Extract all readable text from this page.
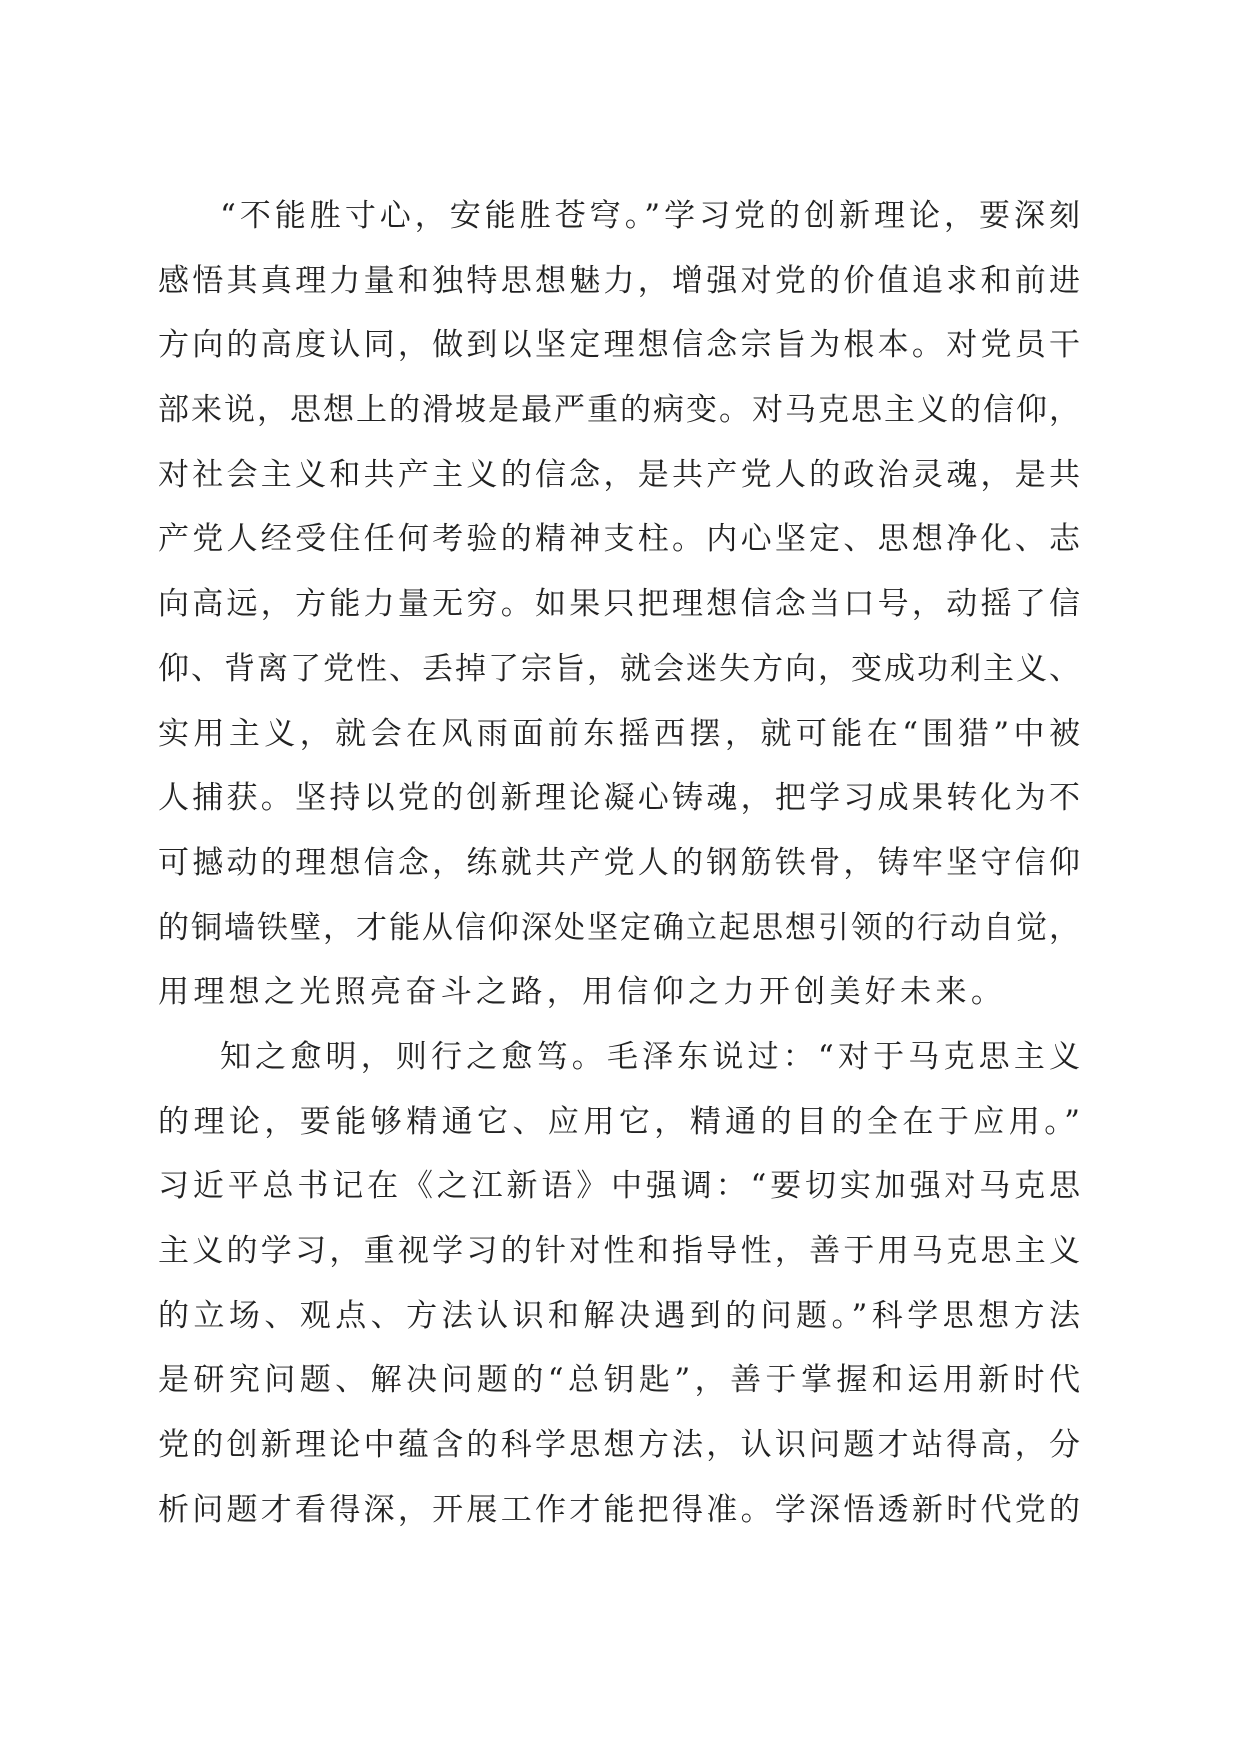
“不能胜寸心，安能胜苍穹。”学习党的创新理论，要深刻
感悟其真理力量和独特思想魅力，增强对党的价值追求和前进
方向的高度认同，做到以坚定理想信念宗旨为根本。对党员干
部来说，思想上的滑坡是最严重的病变。对马克思主义的信仰，
对社会主义和共产主义的信念，是共产党人的政治灵魂，是共
产党人经受住任何考验的精神支柱。内心坚定、思想净化、志
向高远，方能力量无穷。如果只把理想信念当口号，动摇了信
仰、背离了党性、丢掉了宗旨，就会迷失方向，变成功利主义、
实用主义，就会在风雨面前东摇西摆，就可能在“围猎”中被
人捕获。坚持以党的创新理论凝心铸魂，把学习成果转化为不
可撼动的理想信念，练就共产党人的钢筋铁骨，铸牢坚守信仰
的铜墙铁壁，才能从信仰深处坚定确立起思想引领的行动自觉，
用理想之光照亮奋斗之路，用信仰之力开创美好未来。
知之愈明，则行之愈笃。毛泽东说过：“对于马克思主义
的理论，要能够精通它、应用它，精通的目的全在于应用。”
习近平总书记在《之江新语》中强调：“要切实加强对马克思
主义的学习，重视学习的针对性和指导性，善于用马克思主义
的立场、观点、方法认识和解决遇到的问题。”科学思想方法
是研究问题、解决问题的“总钥匙”，善于掌握和运用新时代
党的创新理论中蕴含的科学思想方法，认识问题才站得高，分
析问题才看得深，开展工作才能把得准。学深悟透新时代党的
